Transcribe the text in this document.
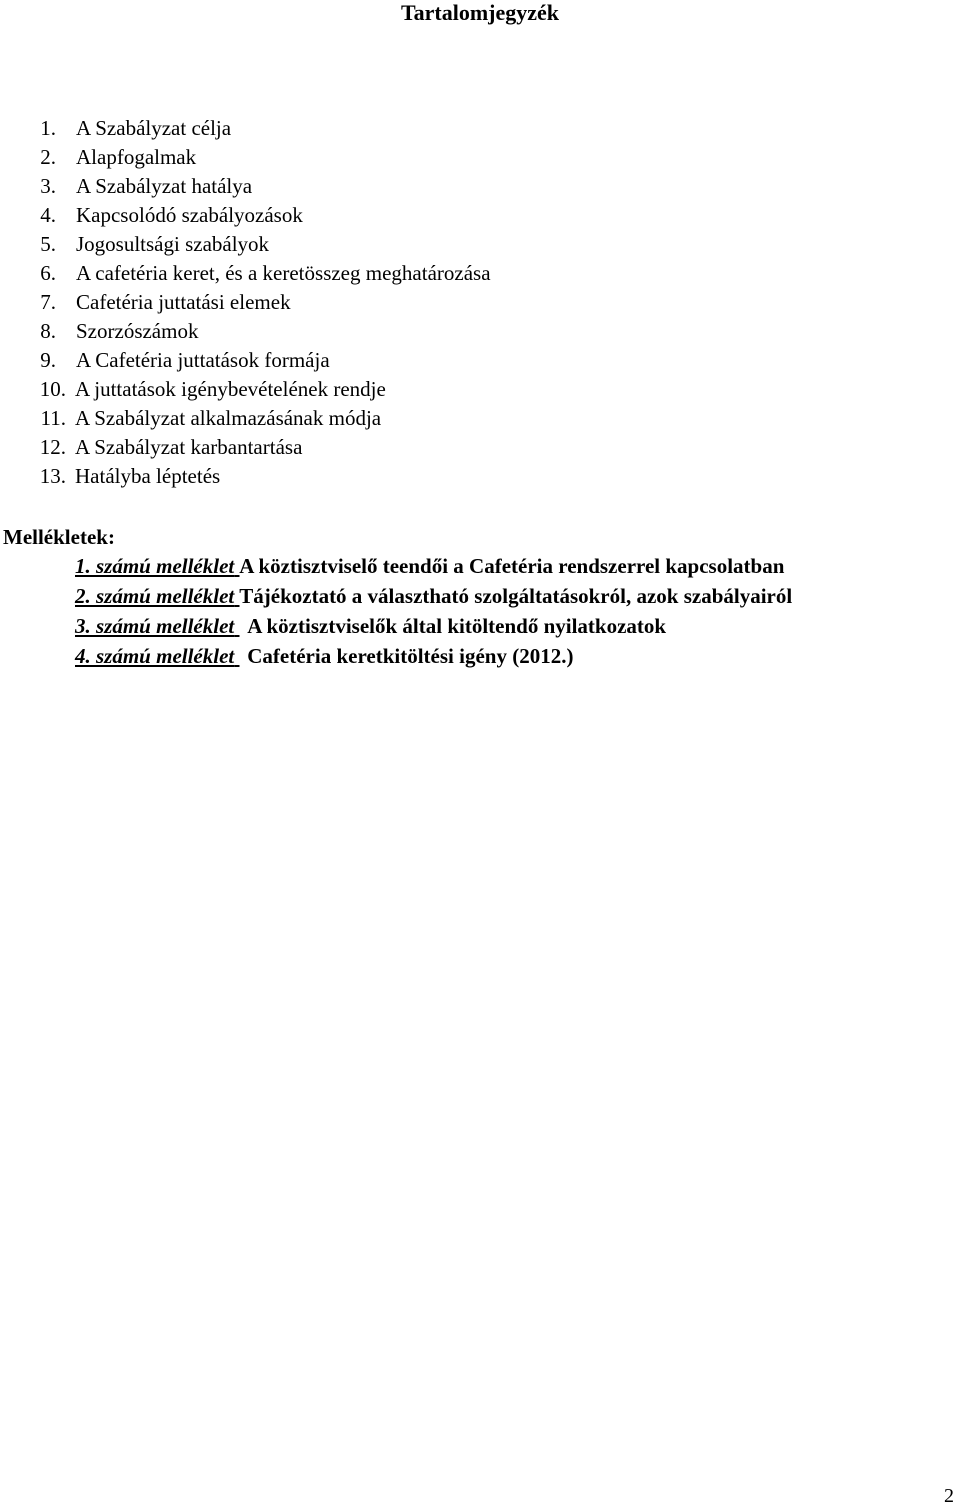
Tartalomjegyzék
1. A Szabályzat célja
2. Alapfogalmak
3. A Szabályzat hatálya
4. Kapcsolódó szabályozások
5. Jogosultsági szabályok
6. A cafetéria keret, és a keretösszeg meghatározása
7. Cafetéria juttatási elemek
8. Szorzószámok
9. A Cafetéria juttatások formája
10. A juttatások igénybevételének rendje
11. A Szabályzat alkalmazásának módja
12. A Szabályzat karbantartása
13. Hatályba léptetés
Mellékletek:
1. számú melléklet A köztisztviselő teendői a Cafetéria rendszerrel kapcsolatban
2. számú melléklet Tájékoztató a választható szolgáltatásokról, azok szabályairól
3. számú melléklet A köztisztviselők által kitöltendő nyilatkozatok
4. számú melléklet Cafetéria keretkitöltési igény (2012.)
2
